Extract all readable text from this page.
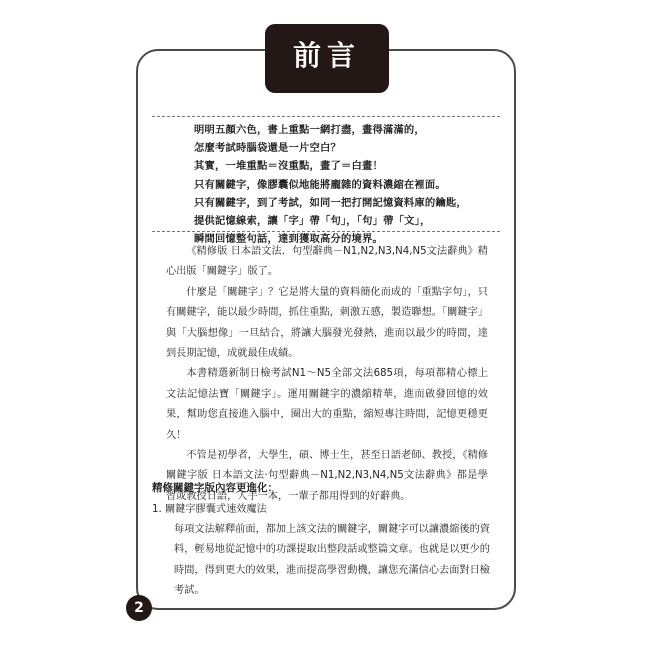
前言
明明五顏六色，書上重點一網打盡，畫得滿滿的，
怎麼考試時腦袋還是一片空白？
其實，一堆重點＝沒重點，畫了＝白畫！
只有關鍵字，像膠囊似地能將龐雜的資料濃縮在裡面。
只有關鍵字，到了考試，如同一把打開記憶資料庫的鑰匙，
提供記憶線索，讓「字」帶「句」，「句」帶「文」，
瞬間回憶整句話，達到獲取高分的境界。

《精修版 日本語文法．句型辭典－N1,N2,N3,N4,N5文法辭典》精心出版「關鍵字」版了。

什麼是「關鍵字」？它是將大量的資料簡化而成的「重點字句」，只有關鍵字，能以最少時間，抓住重點，刺激五感，製造聯想。「關鍵字」與「大腦想像」一旦結合，將讓大腦發光發熱，進而以最少的時間，達到長期記憶，成就最佳成績。

本書精選新制日檢考試N1～N5全部文法685項，每項都精心標上文法記憶法寶「關鍵字」。運用關鍵字的濃縮精華，進而啟發回憶的效果，幫助您直接進入腦中，圈出大的重點，縮短專注時間，記憶更穩更久！

不管是初學者，大學生，碩、博士生，甚至日語老師、教授，《精修關鍵字版 日本語文法‧句型辭典－N1,N2,N3,N4,N5文法辭典》都是學習或教授日語，人手一本，一輩子都用得到的好辭典。

精修關鍵字版內容更進化：
1. 關鍵字膠囊式速效魔法

每項文法解釋前面，都加上該文法的關鍵字，關鍵字可以讓濃縮後的資料，輕易地從記憶中的功課提取出整段話或整篇文章。也就是以更少的時間，得到更大的效果，進而提高學習動機，讓您充滿信心去面對日檢考試。

2
